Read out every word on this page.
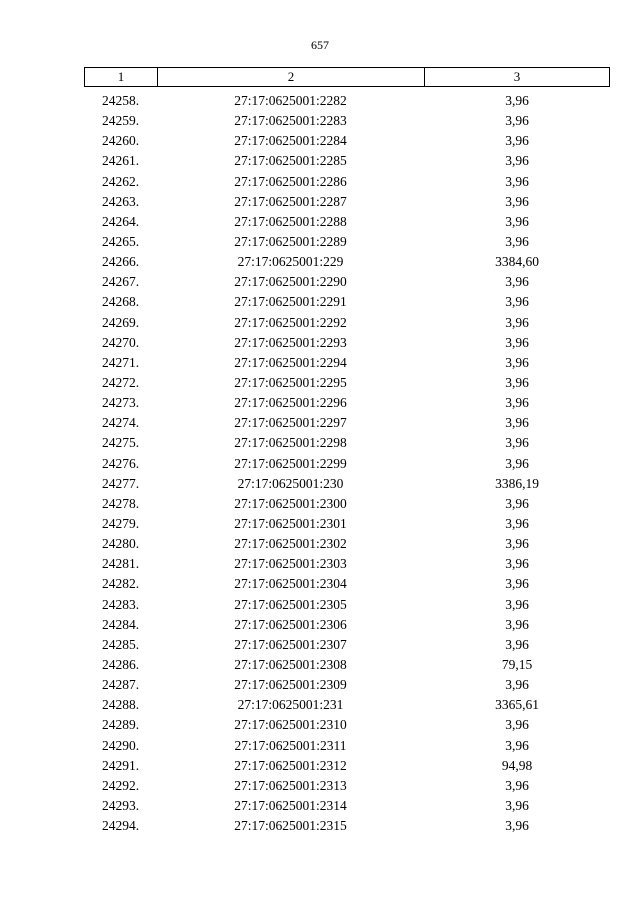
657
1	2	3
24258.	27:17:0625001:2282	3,96
24259.	27:17:0625001:2283	3,96
24260.	27:17:0625001:2284	3,96
24261.	27:17:0625001:2285	3,96
24262.	27:17:0625001:2286	3,96
24263.	27:17:0625001:2287	3,96
24264.	27:17:0625001:2288	3,96
24265.	27:17:0625001:2289	3,96
24266.	27:17:0625001:229	3384,60
24267.	27:17:0625001:2290	3,96
24268.	27:17:0625001:2291	3,96
24269.	27:17:0625001:2292	3,96
24270.	27:17:0625001:2293	3,96
24271.	27:17:0625001:2294	3,96
24272.	27:17:0625001:2295	3,96
24273.	27:17:0625001:2296	3,96
24274.	27:17:0625001:2297	3,96
24275.	27:17:0625001:2298	3,96
24276.	27:17:0625001:2299	3,96
24277.	27:17:0625001:230	3386,19
24278.	27:17:0625001:2300	3,96
24279.	27:17:0625001:2301	3,96
24280.	27:17:0625001:2302	3,96
24281.	27:17:0625001:2303	3,96
24282.	27:17:0625001:2304	3,96
24283.	27:17:0625001:2305	3,96
24284.	27:17:0625001:2306	3,96
24285.	27:17:0625001:2307	3,96
24286.	27:17:0625001:2308	79,15
24287.	27:17:0625001:2309	3,96
24288.	27:17:0625001:231	3365,61
24289.	27:17:0625001:2310	3,96
24290.	27:17:0625001:2311	3,96
24291.	27:17:0625001:2312	94,98
24292.	27:17:0625001:2313	3,96
24293.	27:17:0625001:2314	3,96
24294.	27:17:0625001:2315	3,96
